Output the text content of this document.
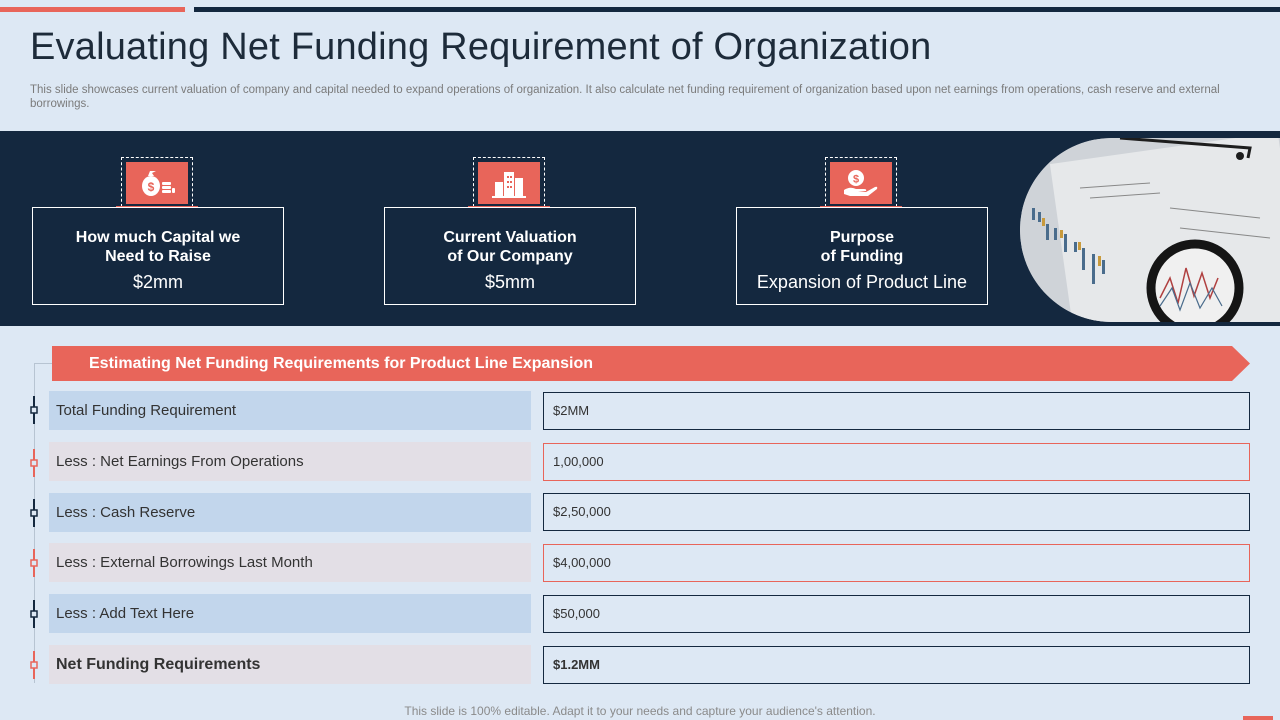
Evaluating Net Funding Requirement of Organization

This slide showcases current valuation of company and capital needed to expand operations of organization. It also calculate net funding requirement of organization based upon net earnings from operations, cash reserve and external borrowings.

$
How much Capital we
Need to Raise
$2mm
Current Valuation
of Our Company
$5mm
$
Purpose
of Funding
Expansion of Product Line
Estimating Net Funding Requirements for Product Line Expansion
Total Funding Requirement	$2MM
Less : Net Earnings From Operations	1,00,000
Less : Cash Reserve	$2,50,000
Less : External Borrowings Last Month	$4,00,000
Less : Add Text Here	$50,000
Net Funding Requirements	$1.2MM
This slide is 100% editable. Adapt it to your needs and capture your audience's attention.
